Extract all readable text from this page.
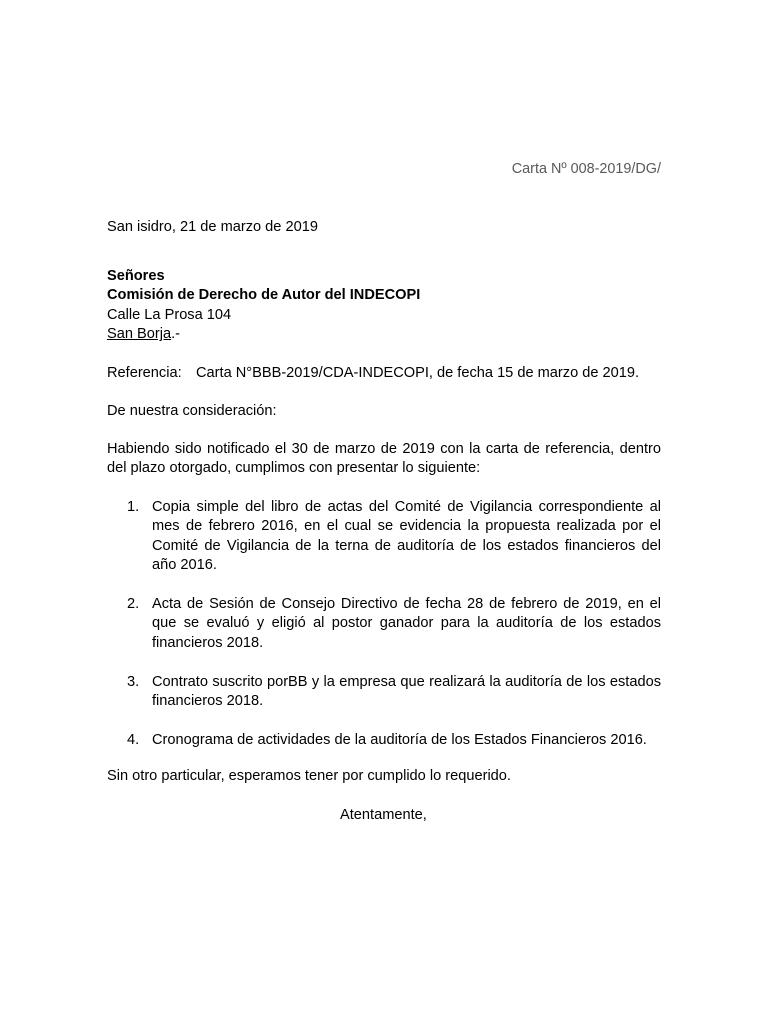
Carta Nº 008-2019/DG/
San isidro, 21 de marzo de 2019
Señores
Comisión de Derecho de Autor del INDECOPI
Calle La Prosa 104
San Borja.-
Referencia: Carta N°BBB-2019/CDA-INDECOPI, de fecha 15 de marzo de 2019.
De nuestra consideración:
Habiendo sido notificado el 30 de marzo de 2019 con la carta de referencia, dentro del plazo otorgado, cumplimos con presentar lo siguiente:
1. Copia simple del libro de actas del Comité de Vigilancia correspondiente al mes de febrero 2016, en el cual se evidencia la propuesta realizada por el Comité de Vigilancia de la terna de auditoría de los estados financieros del año 2016.
2. Acta de Sesión de Consejo Directivo de fecha 28 de febrero de 2019, en el que se evaluó y eligió al postor ganador para la auditoría de los estados financieros 2018.
3. Contrato suscrito porBB y la empresa que realizará la auditoría de los estados financieros 2018.
4. Cronograma de actividades de la auditoría de los Estados Financieros 2016.
Sin otro particular, esperamos tener por cumplido lo requerido.
Atentamente,
